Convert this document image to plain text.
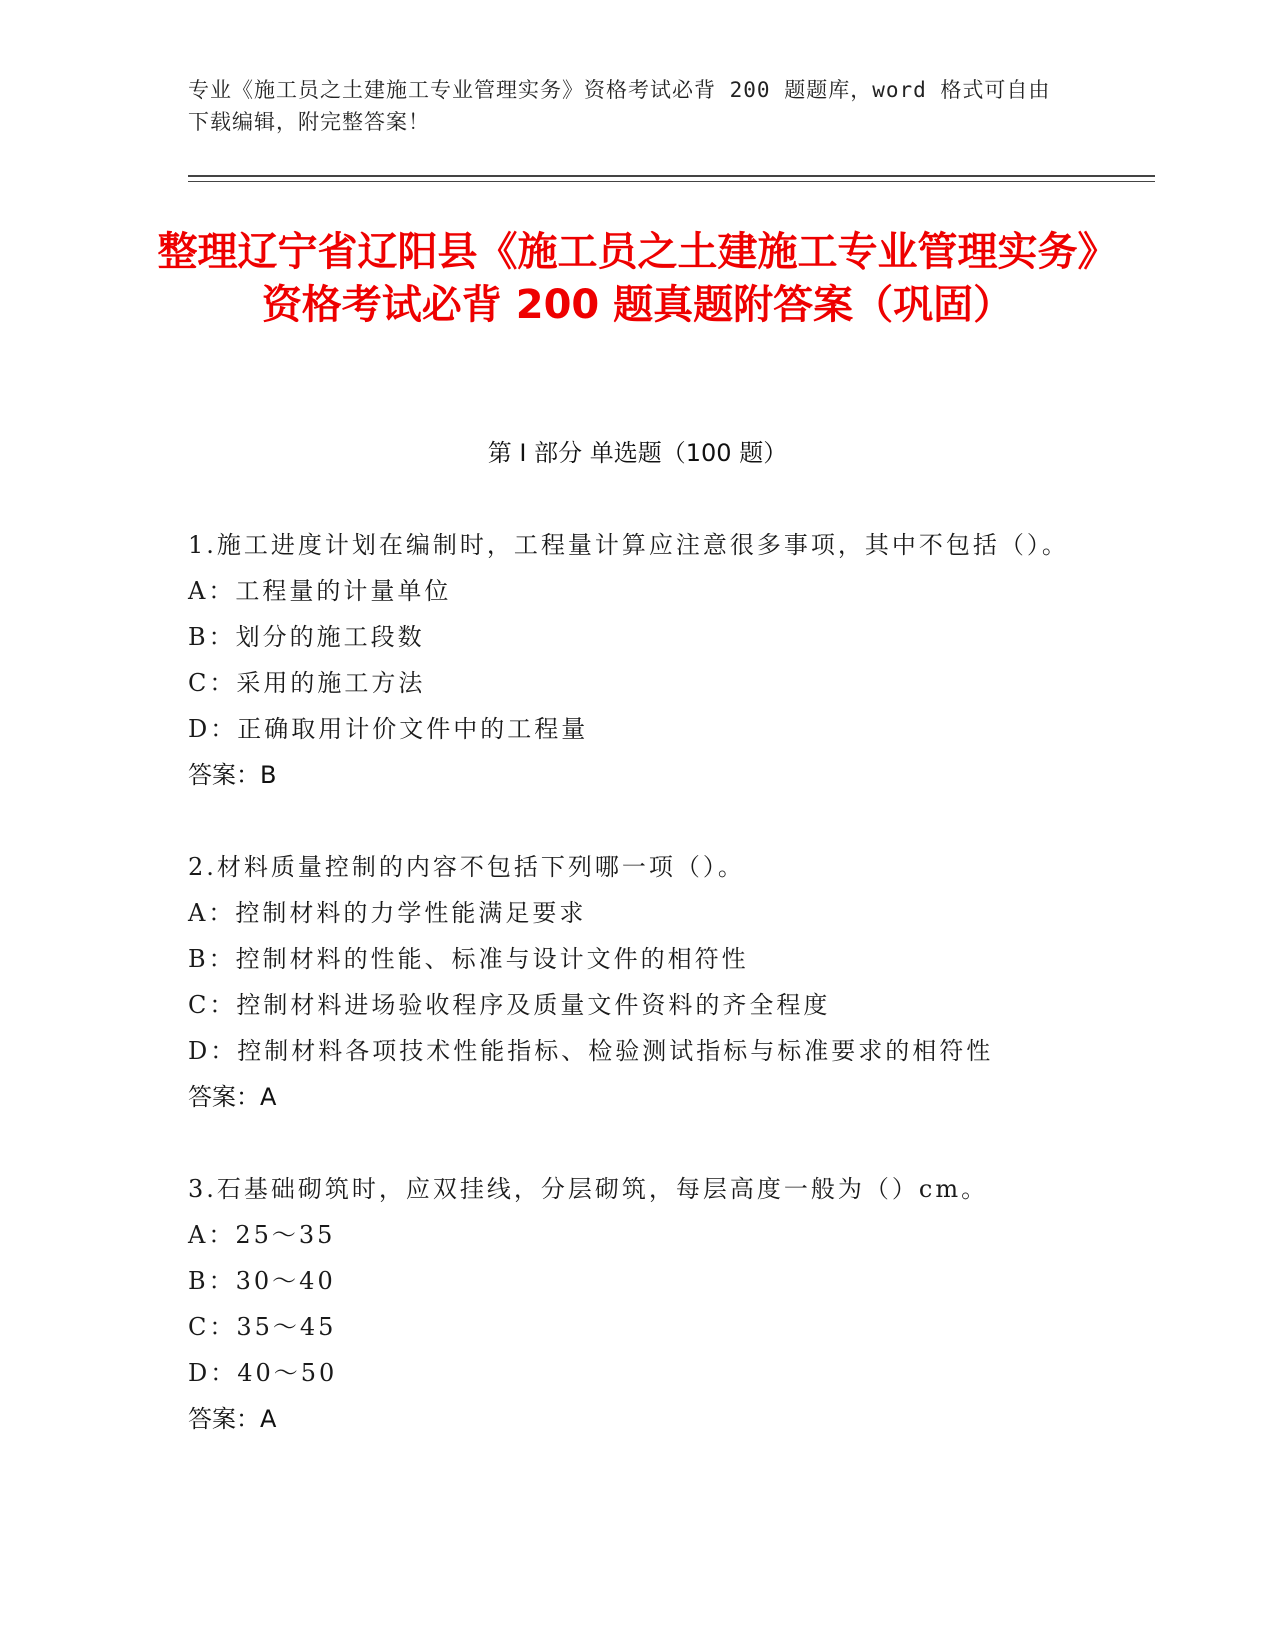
专业《施工员之土建施工专业管理实务》资格考试必背 200 题题库，word 格式可自由下载编辑，附完整答案！
整理辽宁省辽阳县《施工员之土建施工专业管理实务》资格考试必背 200 题真题附答案（巩固）
第 I 部分 单选题（100 题）
1.施工进度计划在编制时，工程量计算应注意很多事项，其中不包括（）。
A：工程量的计量单位
B：划分的施工段数
C：采用的施工方法
D：正确取用计价文件中的工程量
答案：B
2.材料质量控制的内容不包括下列哪一项（）。
A：控制材料的力学性能满足要求
B：控制材料的性能、标准与设计文件的相符性
C：控制材料进场验收程序及质量文件资料的齐全程度
D：控制材料各项技术性能指标、检验测试指标与标准要求的相符性
答案：A
3.石基础砌筑时，应双挂线，分层砌筑，每层高度一般为（）cm。
A：25～35
B：30～40
C：35～45
D：40～50
答案：A
